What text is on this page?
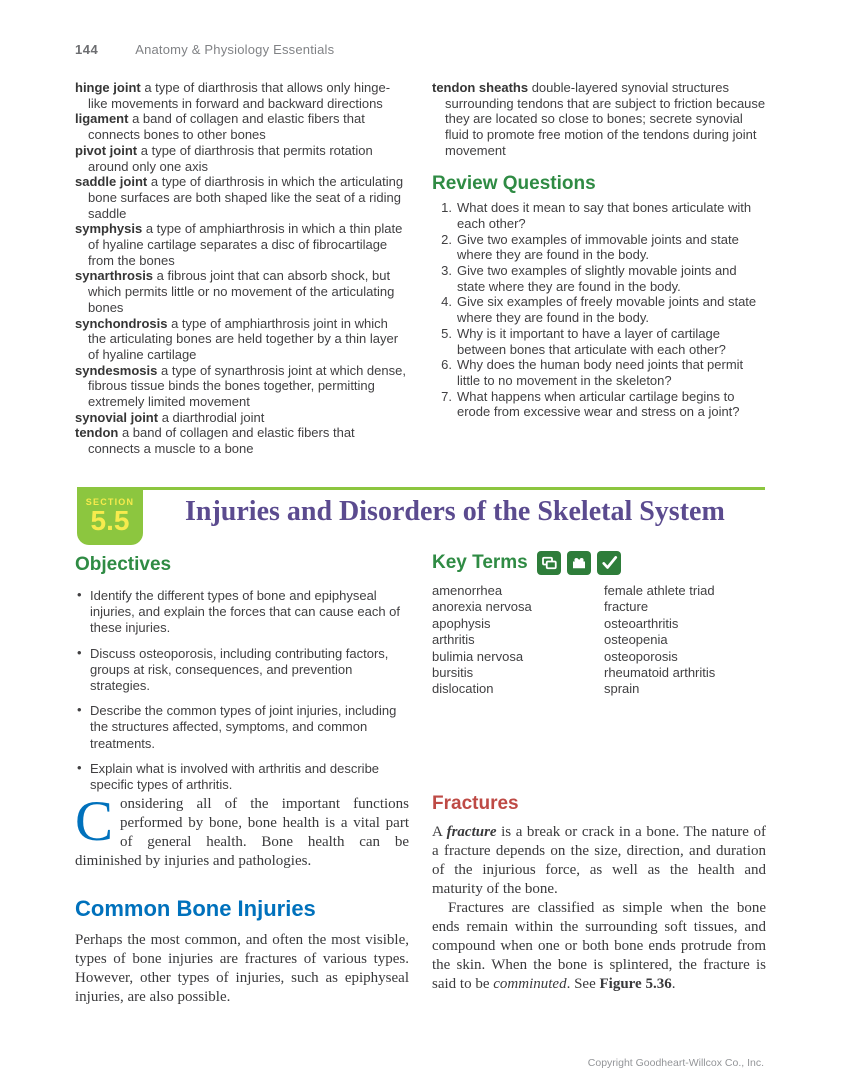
144	Anatomy & Physiology Essentials
hinge joint a type of diarthrosis that allows only hinge-like movements in forward and backward directions
ligament a band of collagen and elastic fibers that connects bones to other bones
pivot joint a type of diarthrosis that permits rotation around only one axis
saddle joint a type of diarthrosis in which the articulating bone surfaces are both shaped like the seat of a riding saddle
symphysis a type of amphiarthrosis in which a thin plate of hyaline cartilage separates a disc of fibrocartilage from the bones
synarthrosis a fibrous joint that can absorb shock, but which permits little or no movement of the articulating bones
synchondrosis a type of amphiarthrosis joint in which the articulating bones are held together by a thin layer of hyaline cartilage
syndesmosis a type of synarthrosis joint at which dense, fibrous tissue binds the bones together, permitting extremely limited movement
synovial joint a diarthrodial joint
tendon a band of collagen and elastic fibers that connects a muscle to a bone
tendon sheaths double-layered synovial structures surrounding tendons that are subject to friction because they are located so close to bones; secrete synovial fluid to promote free motion of the tendons during joint movement
Review Questions
1. What does it mean to say that bones articulate with each other?
2. Give two examples of immovable joints and state where they are found in the body.
3. Give two examples of slightly movable joints and state where they are found in the body.
4. Give six examples of freely movable joints and state where they are found in the body.
5. Why is it important to have a layer of cartilage between bones that articulate with each other?
6. Why does the human body need joints that permit little to no movement in the skeleton?
7. What happens when articular cartilage begins to erode from excessive wear and stress on a joint?
SECTION
5.5	Injuries and Disorders of the Skeletal System
Objectives
• Identify the different types of bone and epiphyseal injuries, and explain the forces that can cause each of these injuries.
• Discuss osteoporosis, including contributing factors, groups at risk, consequences, and prevention strategies.
• Describe the common types of joint injuries, including the structures affected, symptoms, and common treatments.
• Explain what is involved with arthritis and describe specific types of arthritis.
Key Terms
amenorrhea
anorexia nervosa
apophysis
arthritis
bulimia nervosa
bursitis
dislocation
female athlete triad
fracture
osteoarthritis
osteopenia
osteoporosis
rheumatoid arthritis
sprain

Considering all of the important functions performed by bone, bone health is a vital part of general health. Bone health can be diminished by injuries and pathologies.

Common Bone Injuries

Perhaps the most common, and often the most visible, types of bone injuries are fractures of various types. However, other types of injuries, such as epiphyseal injuries, are also possible.

Fractures

A fracture is a break or crack in a bone. The nature of a fracture depends on the size, direction, and duration of the injurious force, as well as the health and maturity of the bone.

Fractures are classified as simple when the bone ends remain within the surrounding soft tissues, and compound when one or both bone ends protrude from the skin. When the bone is splintered, the fracture is said to be comminuted. See Figure 5.36.

Copyright Goodheart-Willcox Co., Inc.
